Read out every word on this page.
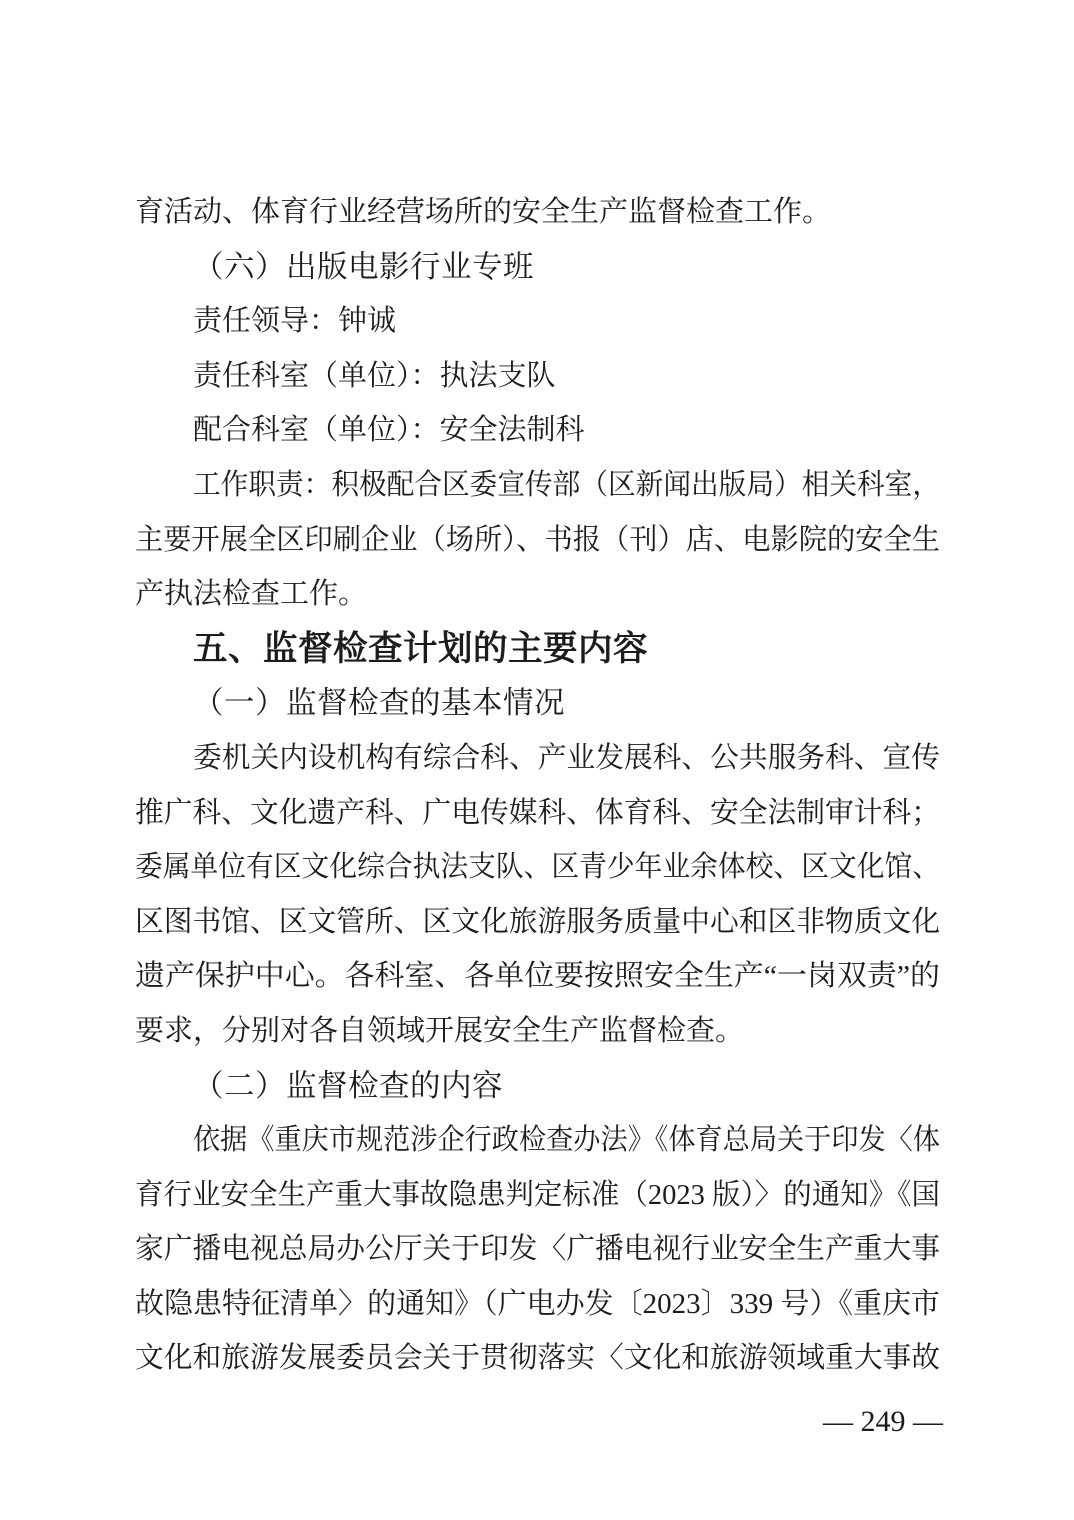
育活动、体育行业经营场所的安全生产监督检查工作。
（六）出版电影行业专班
责任领导：钟诚
责任科室（单位）：执法支队
配合科室（单位）：安全法制科
工作职责：积极配合区委宣传部（区新闻出版局）相关科室，
主要开展全区印刷企业（场所）、书报（刊）店、电影院的安全生
产执法检查工作。
五、监督检查计划的主要内容
（一）监督检查的基本情况
委机关内设机构有综合科、产业发展科、公共服务科、宣传
推广科、文化遗产科、广电传媒科、体育科、安全法制审计科；
委属单位有区文化综合执法支队、区青少年业余体校、区文化馆、
区图书馆、区文管所、区文化旅游服务质量中心和区非物质文化
遗产保护中心。各科室、各单位要按照安全生产“一岗双责”的
要求，分别对各自领域开展安全生产监督检查。
（二）监督检查的内容
依据《重庆市规范涉企行政检查办法》《体育总局关于印发〈体
育行业安全生产重大事故隐患判定标准（2023 版）〉的通知》《国
家广播电视总局办公厅关于印发〈广播电视行业安全生产重大事
故隐患特征清单〉的通知》（广电办发〔2023〕339 号）《重庆市
文化和旅游发展委员会关于贯彻落实〈文化和旅游领域重大事故
— 249 —
